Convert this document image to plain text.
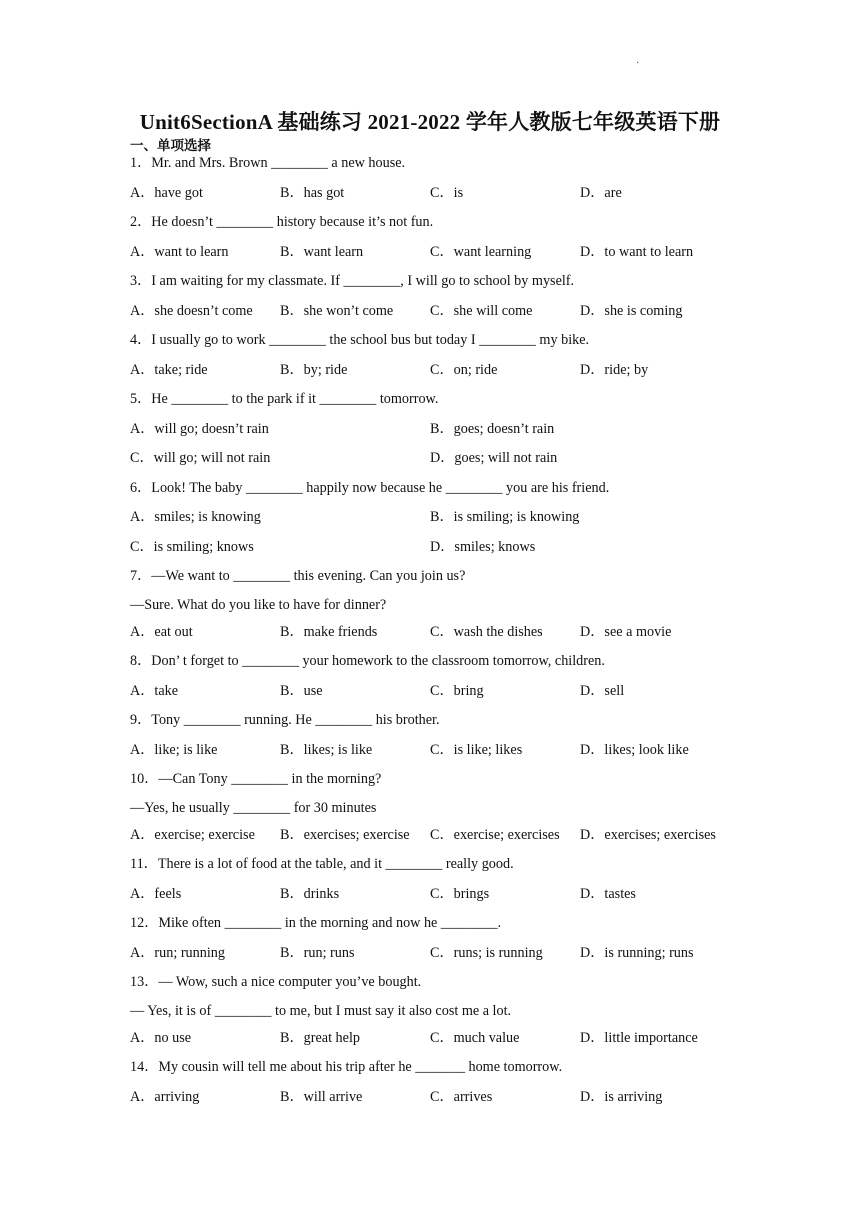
·
Unit6SectionA 基础练习 2021-2022 学年人教版七年级英语下册
一、单项选择
1．Mr. and Mrs. Brown ________ a new house.
A．have got	B．has got	C．is	D．are
2．He doesn’t ________ history because it’s not fun.
A．want to learn	B．want learn	C．want learning	D．to want to learn
3．I am waiting for my classmate. If ________, I will go to school by myself.
A．she doesn’t come B．she won’t come	C．she will come	D．she is coming
4．I usually go to work ________ the school bus but today I ________ my bike.
A．take; ride	B．by; ride	C．on; ride	D．ride; by
5．He ________ to the park if it ________ tomorrow.
A．will go; doesn’t rain	B．goes; doesn’t rain
C．will go; will not rain	D．goes; will not rain
6．Look! The baby ________ happily now because he ________ you are his friend.
A．smiles; is knowing	B．is smiling; is knowing
C．is smiling; knows	D．smiles; knows
7．—We want to ________ this evening. Can you join us?
—Sure. What do you like to have for dinner?
A．eat out	B．make friends	C．wash the dishes	D．see a movie
8．Don’ t forget to ________ your homework to the classroom tomorrow, children.
A．take	B．use	C．bring	D．sell
9．Tony ________ running. He ________ his brother.
A．like; is like	B．likes; is like	C．is like; likes	D．likes; look like
10．—Can Tony ________ in the morning?
—Yes, he usually ________ for 30 minutes
A．exercise; exercise B．exercises; exercise C．exercise; exercises D．exercises; exercises
11．There is a lot of food at the table, and it ________ really good.
A．feels	B．drinks	C．brings	D．tastes
12．Mike often ________ in the morning and now he ________.
A．run; running	B．run; runs	C．runs; is running	D．is running; runs
13．— Wow, such a nice computer you’ve bought.
— Yes, it is of ________ to me, but I must say it also cost me a lot.
A．no use	B．great help	C．much value	D．little importance
14．My cousin will tell me about his trip after he _______ home tomorrow.
A．arriving	B．will arrive	C．arrives	D．is arriving
